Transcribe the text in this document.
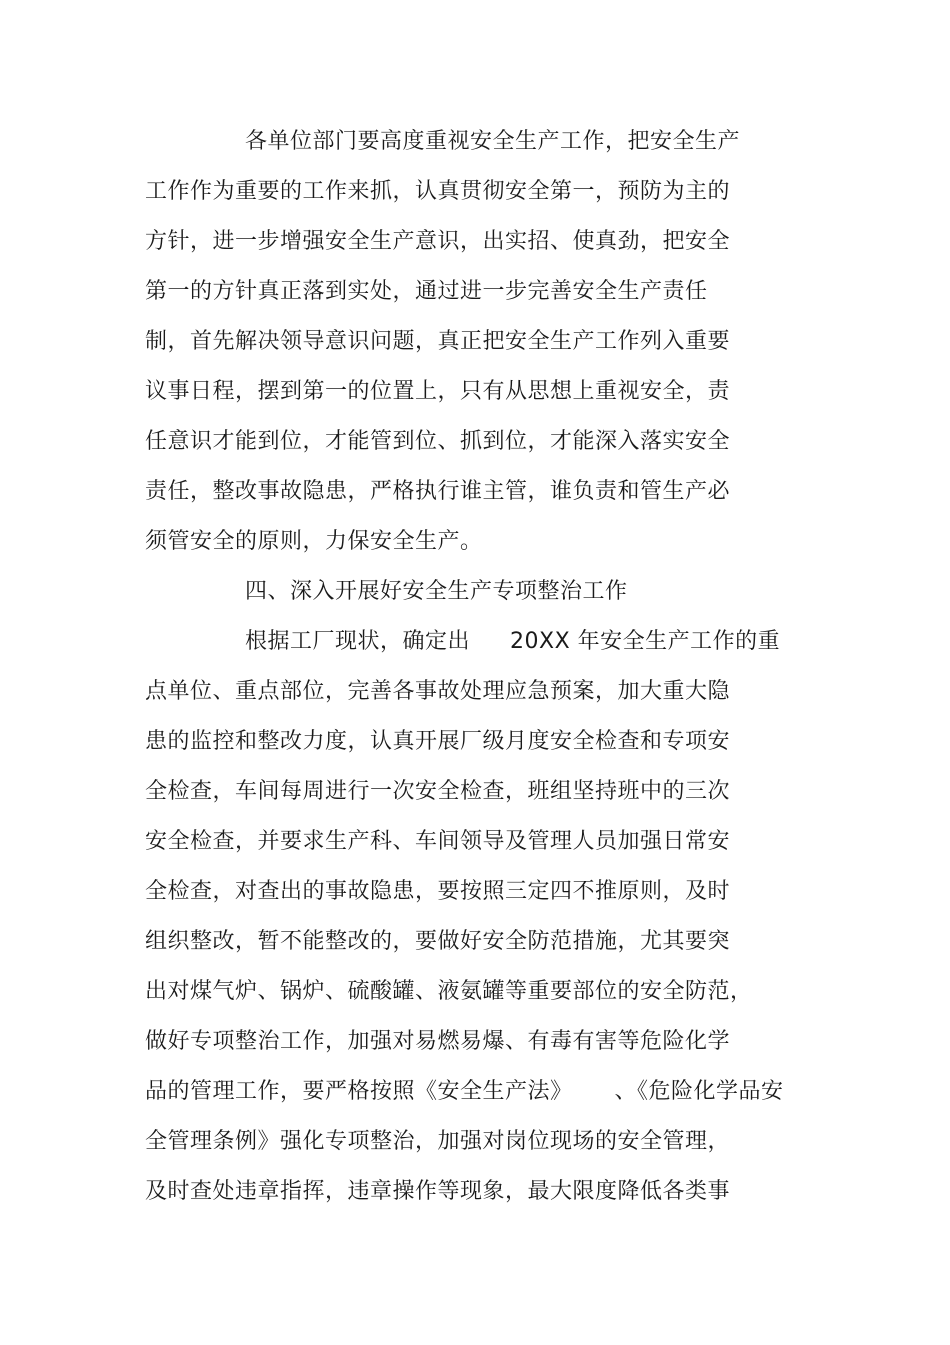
各单位部门要高度重视安全生产工作，把安全生产
工作作为重要的工作来抓，认真贯彻安全第一，预防为主的
方针，进一步增强安全生产意识，出实招、使真劲，把安全
第一的方针真正落到实处，通过进一步完善安全生产责任
制，首先解决领导意识问题，真正把安全生产工作列入重要
议事日程，摆到第一的位置上，只有从思想上重视安全，责
任意识才能到位，才能管到位、抓到位，才能深入落实安全
责任，整改事故隐患，严格执行谁主管，谁负责和管生产必
须管安全的原则，力保安全生产。
四、深入开展好安全生产专项整治工作
根据工厂现状，确定出 20XX 年安全生产工作的重
点单位、重点部位，完善各事故处理应急预案，加大重大隐
患的监控和整改力度，认真开展厂级月度安全检查和专项安
全检查，车间每周进行一次安全检查，班组坚持班中的三次
安全检查，并要求生产科、车间领导及管理人员加强日常安
全检查，对查出的事故隐患，要按照三定四不推原则，及时
组织整改，暂不能整改的，要做好安全防范措施，尤其要突
出对煤气炉、锅炉、硫酸罐、液氨罐等重要部位的安全防范，
做好专项整治工作，加强对易燃易爆、有毒有害等危险化学
品的管理工作，要严格按照《安全生产法》 、《危险化学品安
全管理条例》强化专项整治，加强对岗位现场的安全管理，
及时查处违章指挥，违章操作等现象，最大限度降低各类事
